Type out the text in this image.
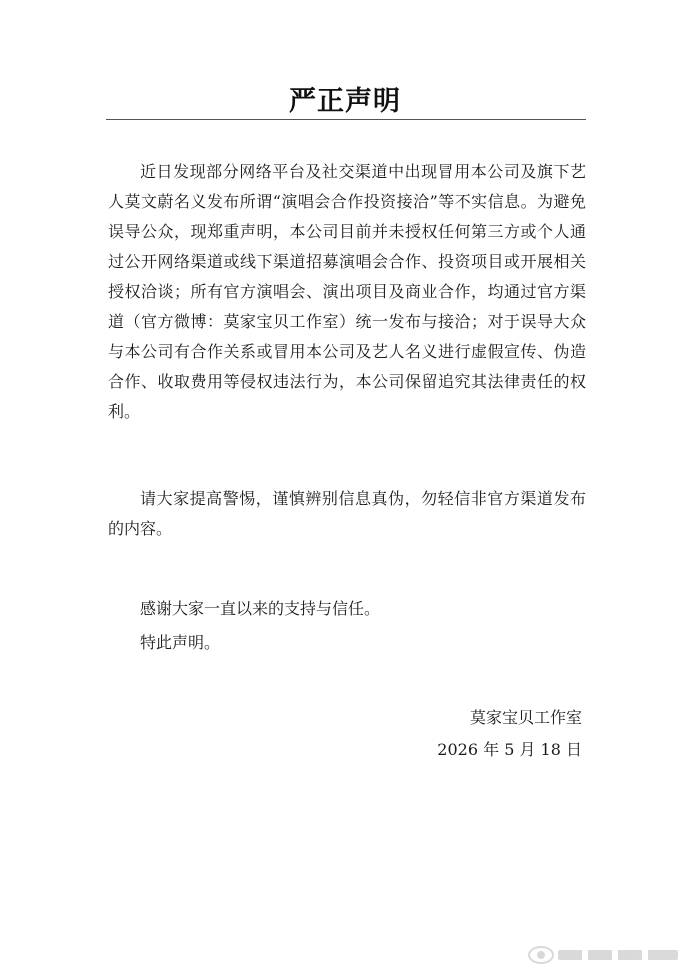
严正声明

近日发现部分网络平台及社交渠道中出现冒用本公司及旗下艺人莫文蔚名义发布所谓“演唱会合作投资接洽”等不实信息。为避免误导公众，现郑重声明，本公司目前并未授权任何第三方或个人通过公开网络渠道或线下渠道招募演唱会合作、投资项目或开展相关授权洽谈；所有官方演唱会、演出项目及商业合作，均通过官方渠道（官方微博：莫家宝贝工作室）统一发布与接洽；对于误导大众与本公司有合作关系或冒用本公司及艺人名义进行虚假宣传、伪造合作、收取费用等侵权违法行为，本公司保留追究其法律责任的权利。

请大家提高警惕，谨慎辨别信息真伪，勿轻信非官方渠道发布的内容。

感谢大家一直以来的支持与信任。

特此声明。

莫家宝贝工作室

2026 年 5 月 18 日
